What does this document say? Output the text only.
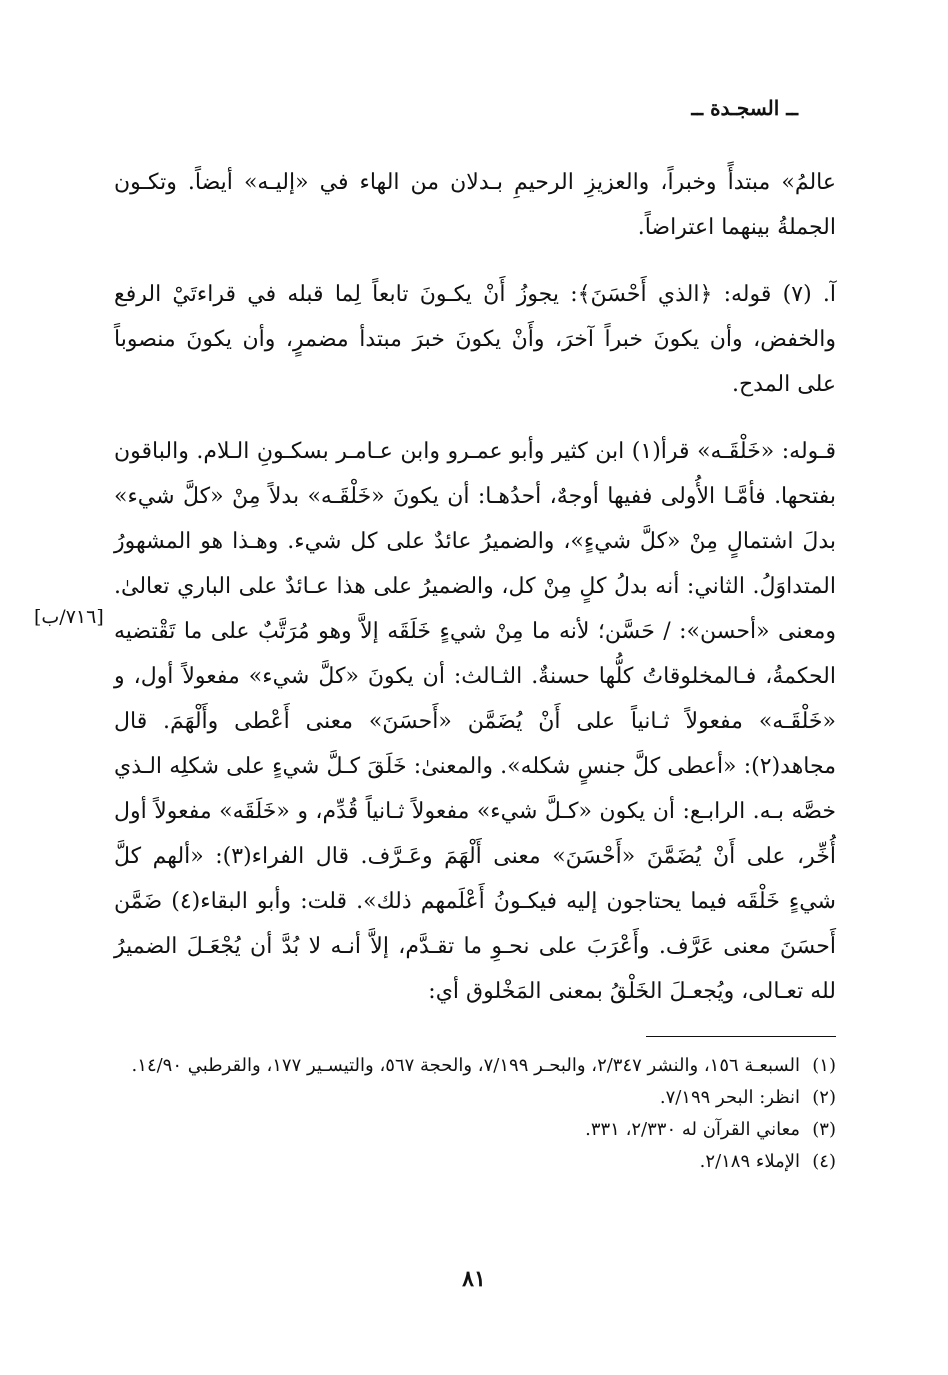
ــ السجـدة ــ

عالمُ» مبتدأً وخبراً، والعزيزِ الرحيمِ بـدلان من الهاء في «إليـه» أيضاً. وتكـون الجملةُ بينهما اعتراضاً.

آ. (٧) قوله: ﴿الذي أَحْسَنَ﴾: يجوزُ أَنْ يكـونَ تابعاً لِما قبله في قراءتَيْ الرفع والخفض، وأن يكونَ خبراً آخرَ، وأَنْ يكونَ خبرَ مبتدأ مضمرٍ، وأن يكونَ منصوباً على المدح.

قـوله: «خَلْقَـه» قرأ(١) ابن كثير وأبو عمـرو وابن عـامـر بسكـونِ الـلام. والباقون بفتحها. فأمَّـا الأُولى ففيها أوجهٌ، أحدُهـا: أن يكونَ «خَلْقَـه» بدلاً مِنْ «كلَّ شيء» بدلَ اشتمالٍ مِنْ «كلَّ شيءٍ»، والضميرُ عائدٌ على كل شيء. وهـذا هو المشهورُ المتداوَلُ. الثاني: أنه بدلُ كلٍ مِنْ كل، والضميرُ على هذا عـائدٌ على الباري تعالىٰ. ومعنى «أحسن»: / حَسَّن؛ لأنه ما مِنْ شيءٍ خَلَقَه إلاَّ وهو مُرَتَّبٌ على ما تَقْتضيه الحكمةُ، فـالمخلوقاتُ كلُّها حسنةٌ. الثـالث: أن يكونَ «كلَّ شيء» مفعولاً أول، و «خَلْقَـه» مفعولاً ثـانياً على أَنْ يُضَمَّن «أَحسَنَ» معنى أَعْطى وأَلْهَمَ. قال مجاهد(٢): «أعطى كلَّ جنسٍ شكله». والمعنىٰ: خَلَقَ كـلَّ شيءٍ على شكلِه الـذي خصَّه بـه. الرابـع: أن يكون «كـلَّ شيء» مفعولاً ثـانياً قُدِّم، و «خَلَقَه» مفعولاً أول أُخِّر، على أَنْ يُضَمَّنَ «أَحْسَنَ» معنى أَلْهَمَ وعَـرَّف. قال الفراء(٣): «ألهم كلَّ شيءٍ خَلْقَه فيما يحتاجون إليه فيكـونُ أَعْلَمهم ذلك». قلت: وأبو البقاء(٤) ضَمَّن أَحسَنَ معنى عَرَّف. وأَعْرَبَ على نحـوِ ما تقـدَّم، إلاَّ أنـه لا بُدَّ أن يُجْعَـلَ الضميرُ لله تعـالى، ويُجعـلَ الخَلْقُ بمعنى المَخْلوق أي:

[٧١٦/ب]
(١)
السبعـة ١٥٦، والنشر ٢/٣٤٧، والبحـر ٧/١٩٩، والحجة ٥٦٧، والتيسـير ١٧٧، والقرطبي ١٤/٩٠.
(٢)
انظر: البحر ٧/١٩٩.
(٣)
معاني القرآن له ٢/٣٣٠، ٣٣١.
(٤)
الإملاء ٢/١٨٩.
٨١
